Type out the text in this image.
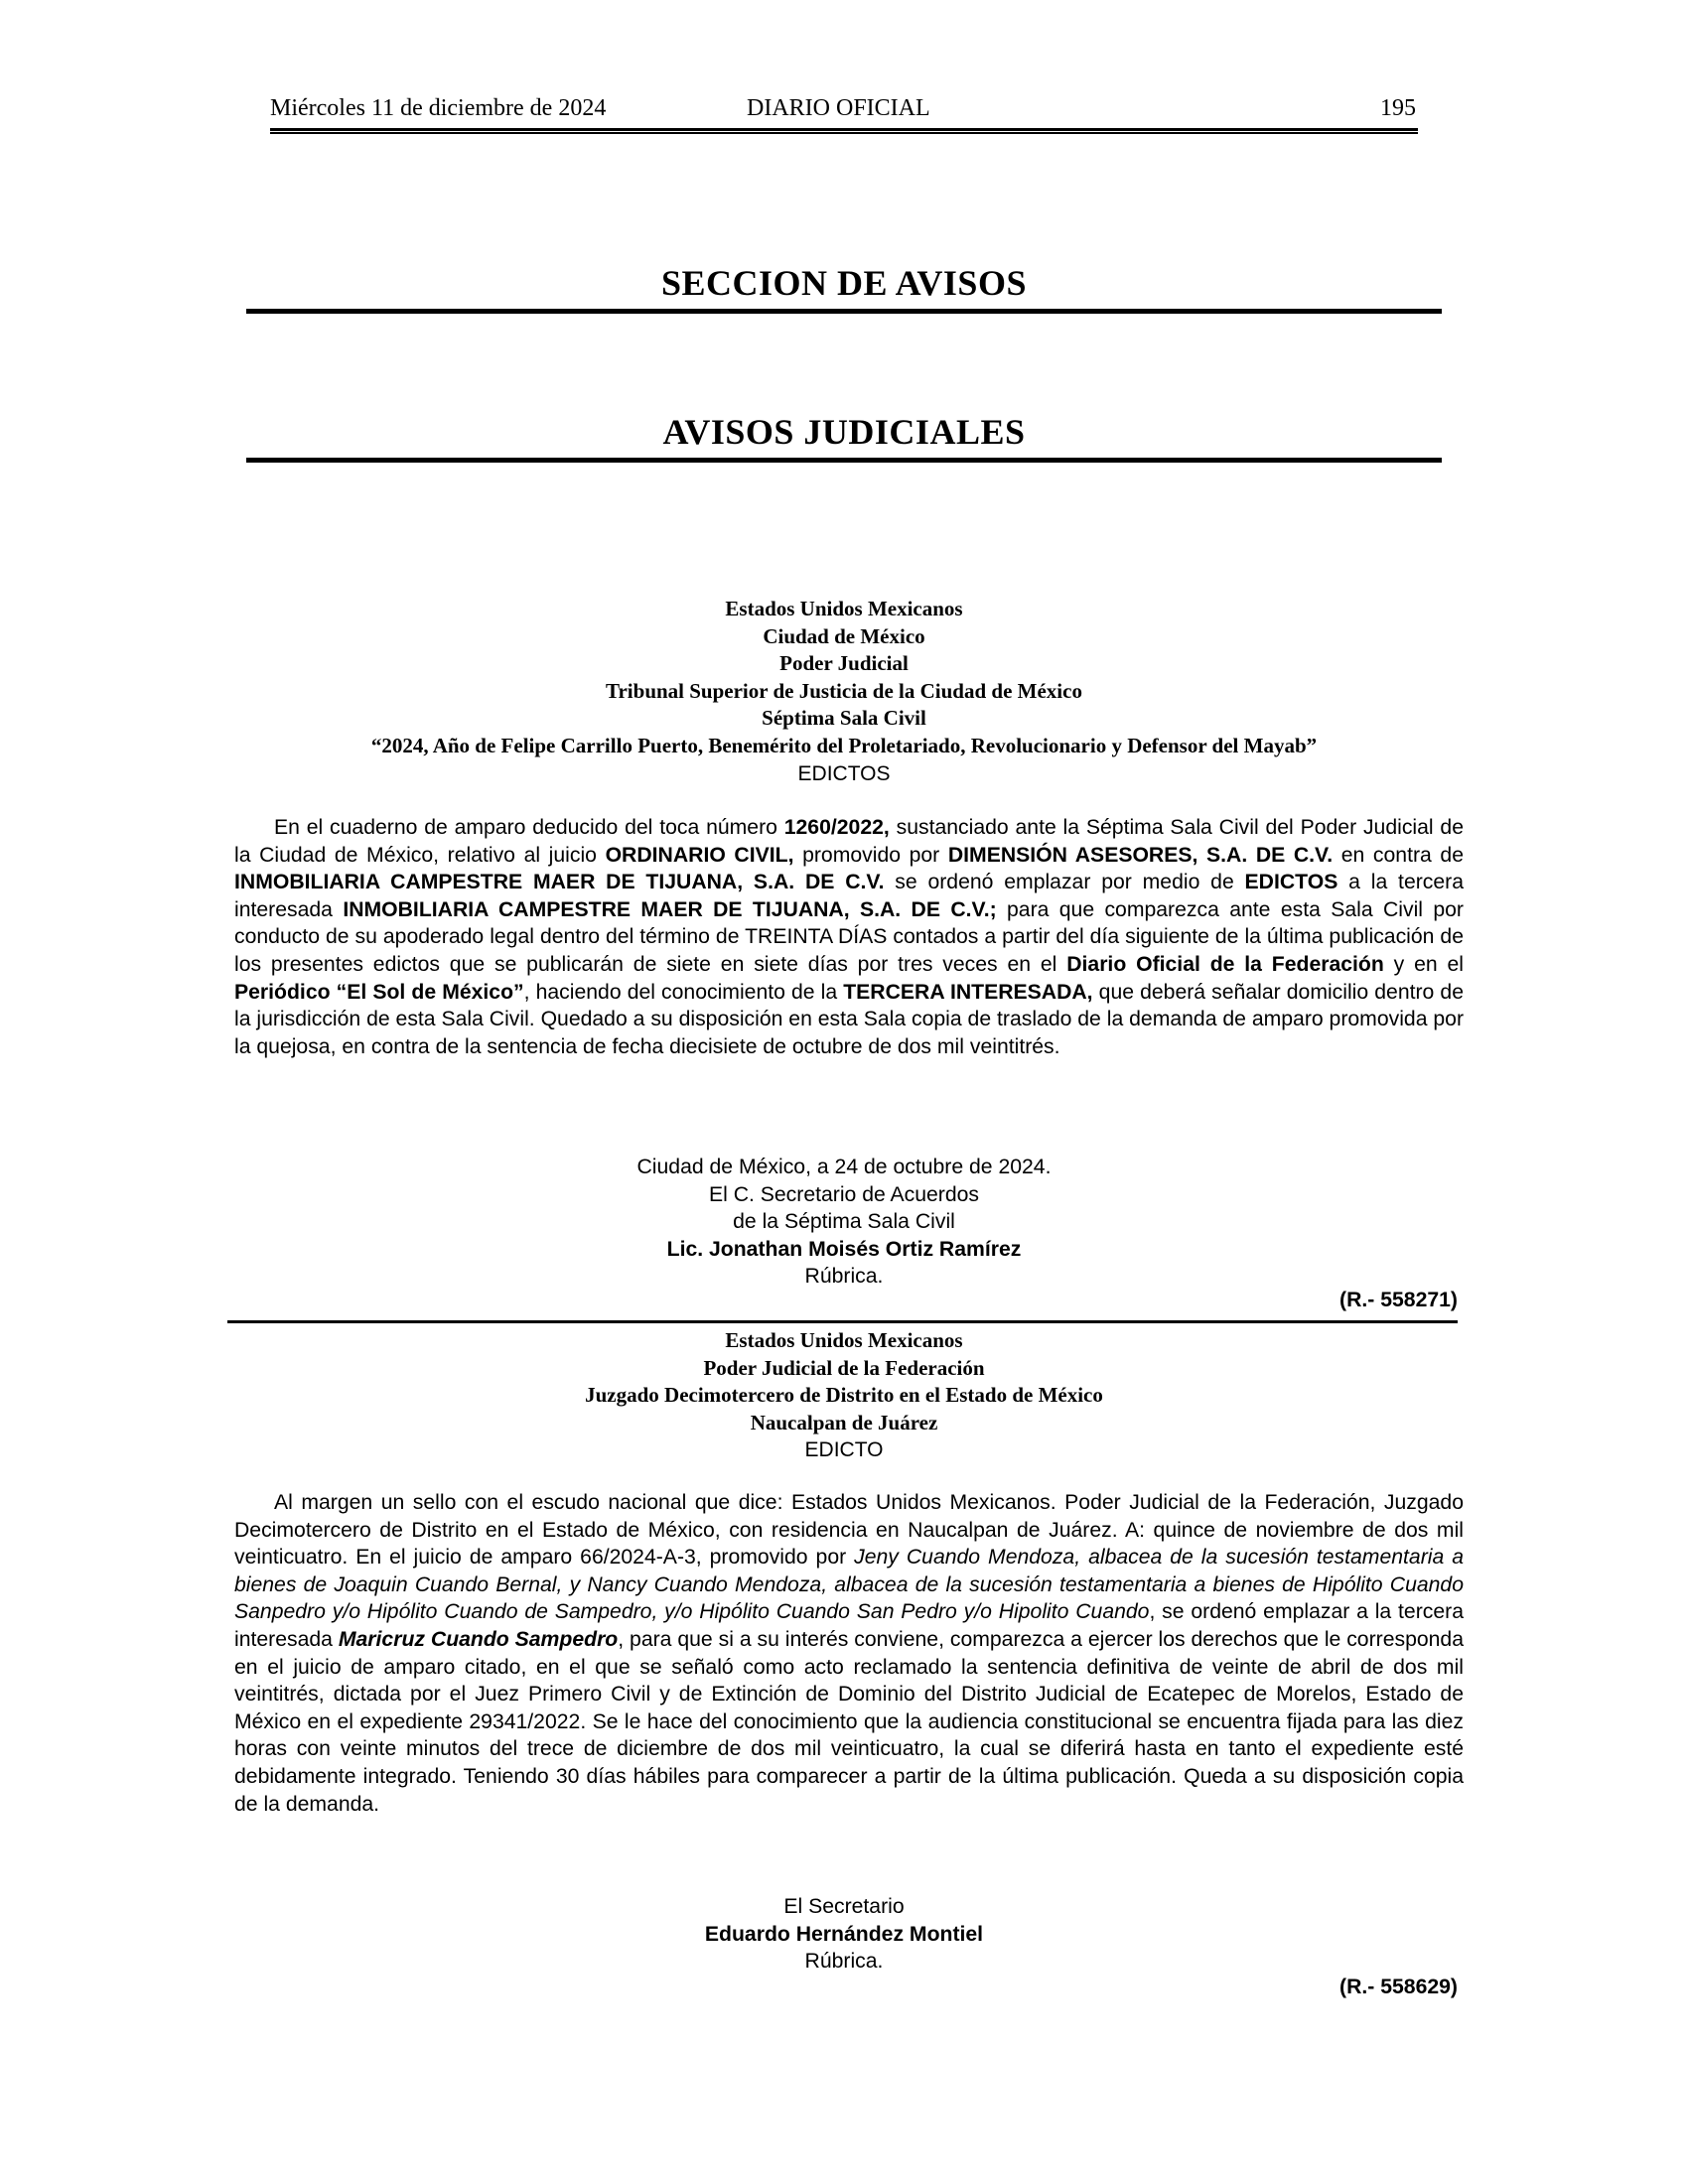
Miércoles 11 de diciembre de 2024	DIARIO OFICIAL	195
SECCION DE AVISOS
AVISOS JUDICIALES
Estados Unidos Mexicanos
Ciudad de México
Poder Judicial
Tribunal Superior de Justicia de la Ciudad de México
Séptima Sala Civil
“2024, Año de Felipe Carrillo Puerto, Benemérito del Proletariado, Revolucionario y Defensor del Mayab”
EDICTOS
En el cuaderno de amparo deducido del toca número 1260/2022, sustanciado ante la Séptima Sala Civil del Poder Judicial de la Ciudad de México, relativo al juicio ORDINARIO CIVIL, promovido por DIMENSIÓN ASESORES, S.A. DE C.V. en contra de INMOBILIARIA CAMPESTRE MAER DE TIJUANA, S.A. DE C.V. se ordenó emplazar por medio de EDICTOS a la tercera interesada INMOBILIARIA CAMPESTRE MAER DE TIJUANA, S.A. DE C.V.; para que comparezca ante esta Sala Civil por conducto de su apoderado legal dentro del término de TREINTA DÍAS contados a partir del día siguiente de la última publicación de los presentes edictos que se publicarán de siete en siete días por tres veces en el Diario Oficial de la Federación y en el Periódico “El Sol de México”, haciendo del conocimiento de la TERCERA INTERESADA, que deberá señalar domicilio dentro de la jurisdicción de esta Sala Civil. Quedado a su disposición en esta Sala copia de traslado de la demanda de amparo promovida por la quejosa, en contra de la sentencia de fecha diecisiete de octubre de dos mil veintitrés.
Ciudad de México, a 24 de octubre de 2024.
El C. Secretario de Acuerdos
de la Séptima Sala Civil
Lic. Jonathan Moisés Ortiz Ramírez
Rúbrica.
(R.- 558271)
Estados Unidos Mexicanos
Poder Judicial de la Federación
Juzgado Decimotercero de Distrito en el Estado de México
Naucalpan de Juárez
EDICTO
Al margen un sello con el escudo nacional que dice: Estados Unidos Mexicanos. Poder Judicial de la Federación, Juzgado Decimotercero de Distrito en el Estado de México, con residencia en Naucalpan de Juárez. A: quince de noviembre de dos mil veinticuatro. En el juicio de amparo 66/2024-A-3, promovido por Jeny Cuando Mendoza, albacea de la sucesión testamentaria a bienes de Joaquin Cuando Bernal, y Nancy Cuando Mendoza, albacea de la sucesión testamentaria a bienes de Hipólito Cuando Sanpedro y/o Hipólito Cuando de Sampedro, y/o Hipólito Cuando San Pedro y/o Hipolito Cuando, se ordenó emplazar a la tercera interesada Maricruz Cuando Sampedro, para que si a su interés conviene, comparezca a ejercer los derechos que le corresponda en el juicio de amparo citado, en el que se señaló como acto reclamado la sentencia definitiva de veinte de abril de dos mil veintitrés, dictada por el Juez Primero Civil y de Extinción de Dominio del Distrito Judicial de Ecatepec de Morelos, Estado de México en el expediente 29341/2022. Se le hace del conocimiento que la audiencia constitucional se encuentra fijada para las diez horas con veinte minutos del trece de diciembre de dos mil veinticuatro, la cual se diferirá hasta en tanto el expediente esté debidamente integrado. Teniendo 30 días hábiles para comparecer a partir de la última publicación. Queda a su disposición copia de la demanda.
El Secretario
Eduardo Hernández Montiel
Rúbrica.
(R.- 558629)
